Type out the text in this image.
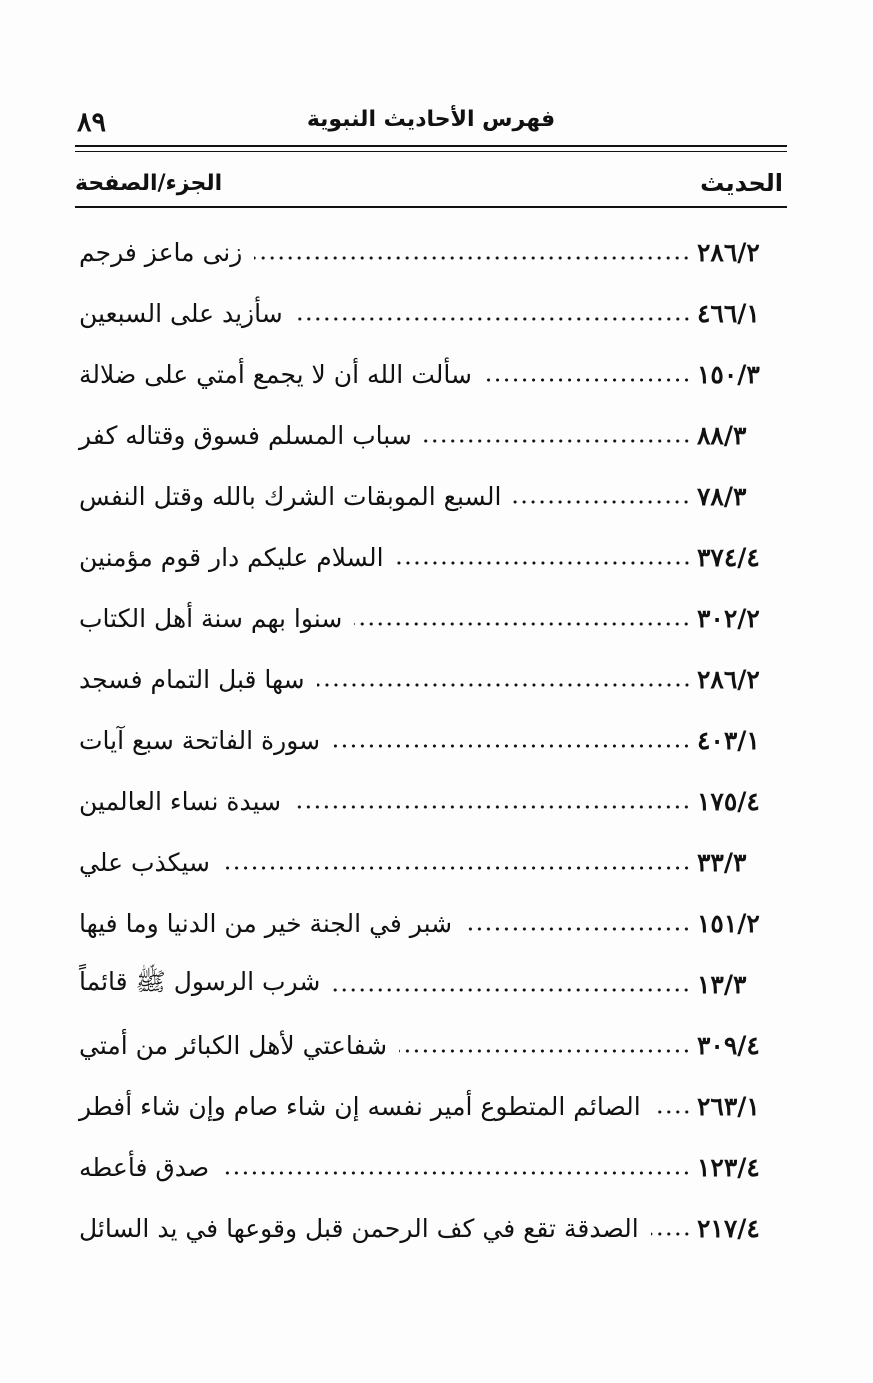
٨٩	فهرس الأحاديث النبوية
الحديث
الجزء/الصفحة
زنى ماعز فرجم	٢٨٦/٢
سأزيد على السبعين	٤٦٦/١
سألت الله أن لا يجمع أمتي على ضلالة	١٥٠/٣
سباب المسلم فسوق وقتاله كفر	٨٨/٣
السبع الموبقات الشرك بالله وقتل النفس	٧٨/٣
السلام عليكم دار قوم مؤمنين	٣٧٤/٤
سنوا بهم سنة أهل الكتاب	٣٠٢/٢
سها قبل التمام فسجد	٢٨٦/٢
سورة الفاتحة سبع آيات	٤٠٣/١
سيدة نساء العالمين	١٧٥/٤
سيكذب علي	٣٣/٣
شبر في الجنة خير من الدنيا وما فيها	١٥١/٢
شرب الرسول ﷺ قائماً	١٣/٣
شفاعتي لأهل الكبائر من أمتي	٣٠٩/٤
الصائم المتطوع أمير نفسه إن شاء صام وإن شاء أفطر ٢٦٣/١
صدق فأعطه	١٢٣/٤
الصدقة تقع في كف الرحمن قبل وقوعها في يد السائل ٢١٧/٤
